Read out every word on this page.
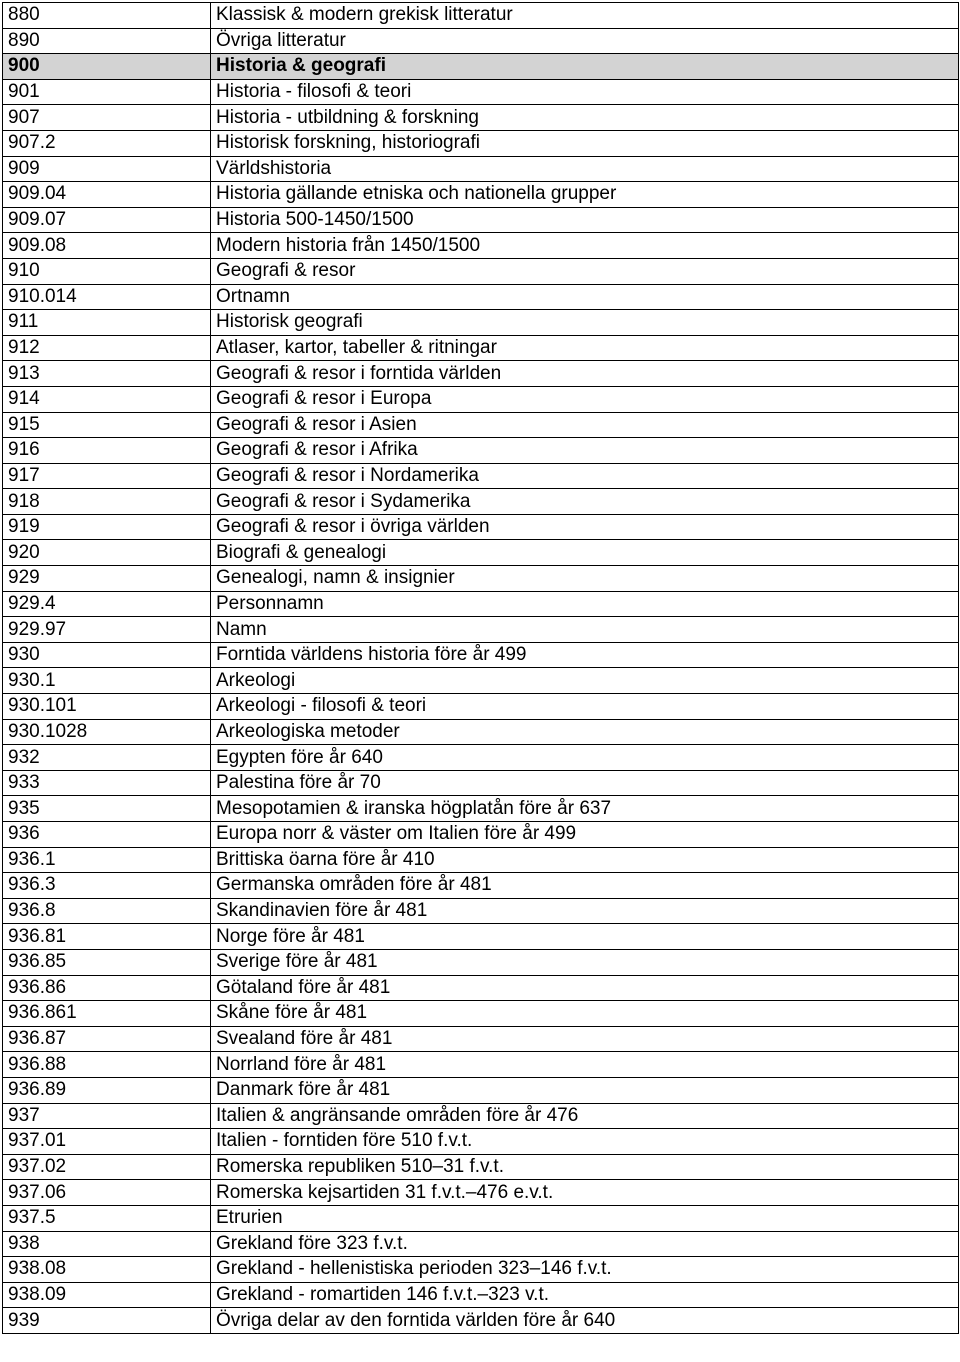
880	Klassisk & modern grekisk litteratur
890	Övriga litteratur
900	Historia & geografi
901	Historia - filosofi & teori
907	Historia - utbildning & forskning
907.2	Historisk forskning, historiografi
909	Världshistoria
909.04	Historia gällande etniska och nationella grupper
909.07	Historia 500-1450/1500
909.08	Modern historia från 1450/1500
910	Geografi & resor
910.014	Ortnamn
911	Historisk geografi
912	Atlaser, kartor, tabeller & ritningar
913	Geografi & resor i forntida världen
914	Geografi & resor i Europa
915	Geografi & resor i Asien
916	Geografi & resor i Afrika
917	Geografi & resor i Nordamerika
918	Geografi & resor i Sydamerika
919	Geografi & resor i övriga världen
920	Biografi & genealogi
929	Genealogi, namn & insignier
929.4	Personnamn
929.97	Namn
930	Forntida världens historia före år 499
930.1	Arkeologi
930.101	Arkeologi - filosofi & teori
930.1028	Arkeologiska metoder
932	Egypten före år 640
933	Palestina före år 70
935	Mesopotamien & iranska högplatån före år 637
936	Europa norr & väster om Italien före år 499
936.1	Brittiska öarna före år 410
936.3	Germanska områden före år 481
936.8	Skandinavien före år 481
936.81	Norge före år 481
936.85	Sverige före år 481
936.86	Götaland före år 481
936.861	Skåne före år 481
936.87	Svealand före år 481
936.88	Norrland före år 481
936.89	Danmark före år 481
937	Italien & angränsande områden före år 476
937.01	Italien - forntiden före 510 f.v.t.
937.02	Romerska republiken 510–31 f.v.t.
937.06	Romerska kejsartiden 31 f.v.t.–476 e.v.t.
937.5	Etrurien
938	Grekland före 323 f.v.t.
938.08	Grekland - hellenistiska perioden 323–146 f.v.t.
938.09	Grekland - romartiden 146 f.v.t.–323 v.t.
939	Övriga delar av den forntida världen före år 640
